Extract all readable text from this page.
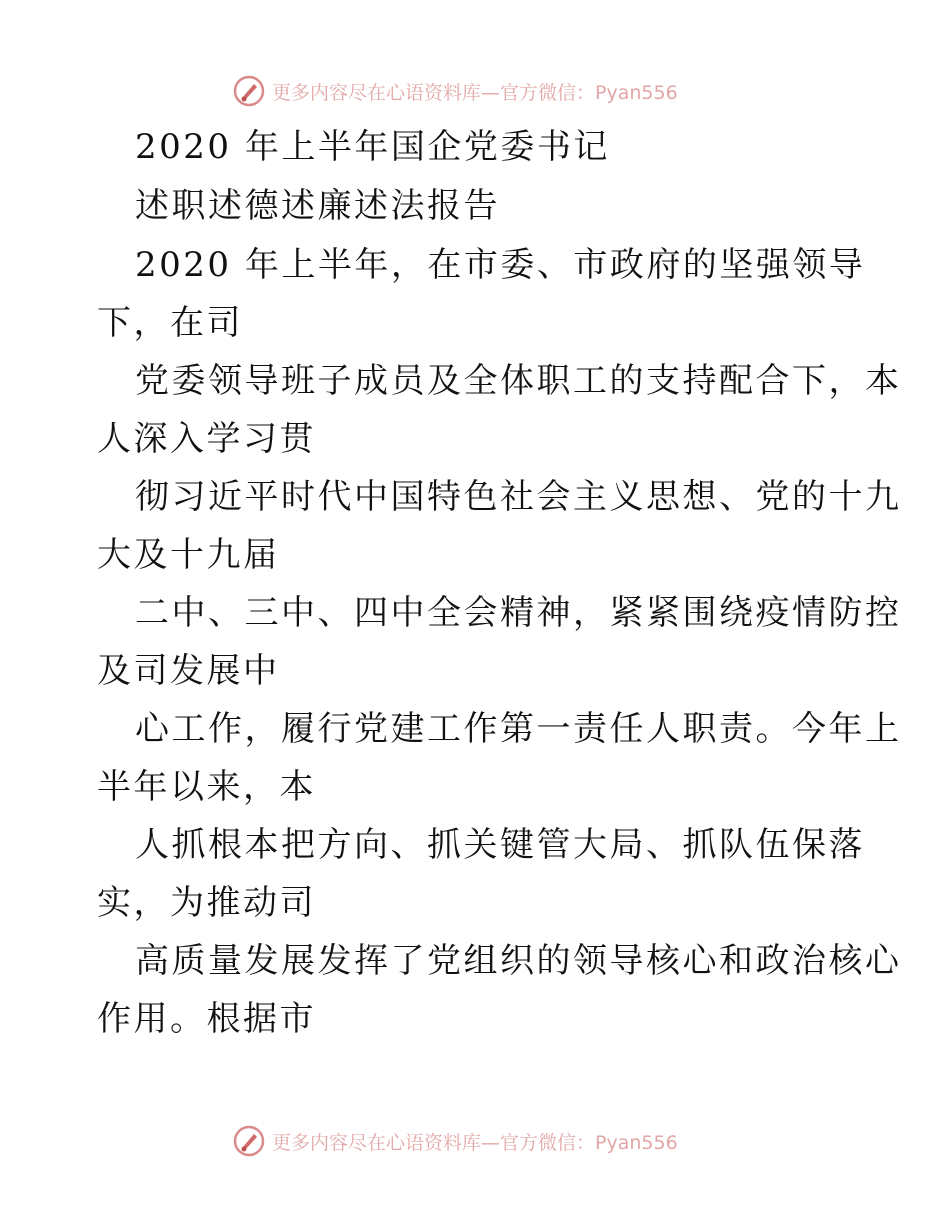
更多内容尽在心语资料库—官方微信：Pyan556
2020 年上半年国企党委书记
述职述德述廉述法报告
2020 年上半年，在市委、市政府的坚强领导
下，在司
党委领导班子成员及全体职工的支持配合下，本
人深入学习贯
彻习近平时代中国特色社会主义思想、党的十九
大及十九届
二中、三中、四中全会精神，紧紧围绕疫情防控
及司发展中
心工作，履行党建工作第一责任人职责。今年上
半年以来，本
人抓根本把方向、抓关键管大局、抓队伍保落
实，为推动司
高质量发展发挥了党组织的领导核心和政治核心
作用。根据市
更多内容尽在心语资料库—官方微信：Pyan556
